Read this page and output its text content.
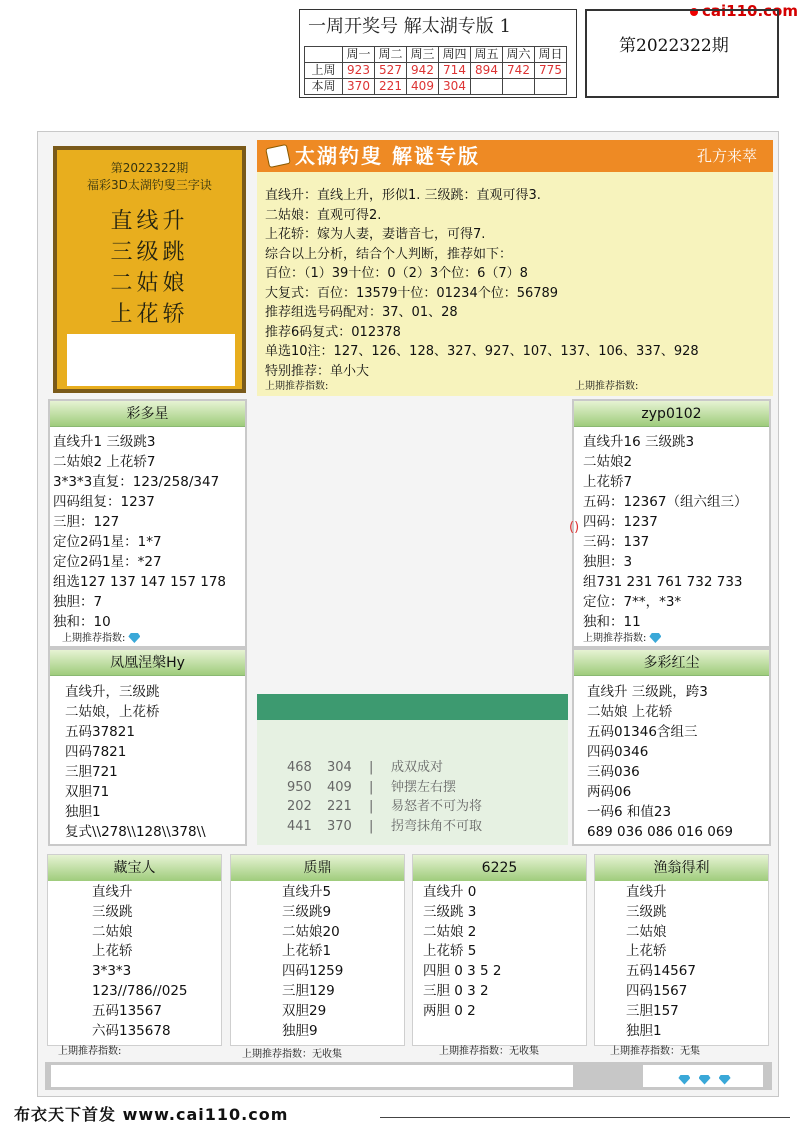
一周开奖号 解太湖专版 1
	周一	周二	周三	周四	周五	周六	周日
上周	923	527	942	714	894	742	775
本周	370	221	409	304			
cai110.com
第2022322期
第2022322期
福彩3D太湖钓叟三字诀
直线升
三级跳
二姑娘
上花轿
太湖钓叟 解谜专版	孔方来萃
直线升：直线上升，形似1. 三级跳：直观可得3.
二姑娘：直观可得2.
上花轿：嫁为人妻，妻谐音七，可得7.
综合以上分析，结合个人判断，推荐如下：
百位：（1）39十位：0（2）3个位：6（7）8
大复式：百位：13579十位：01234个位：56789
推荐组选号码配对：37、01、28
推荐6码复式：012378
单选10注：127、126、128、327、927、107、137、106、337、928
特别推荐：单小大
上期推荐指数:	上期推荐指数:
彩多星
直线升1 三级跳3
二姑娘2 上花轿7
3*3*3直复：123/258/347
四码组复：1237
三胆：127
定位2码1星：1*7
定位2码1星：*27
组选127 137 147 157 178
独胆：7
独和：10
上期推荐指数:
zyp0102
直线升16 三级跳3
二姑娘2
上花轿7
五码：12367（组六组三）
四码：1237
三码：137
独胆：3
组731 231 761 732 733
定位：7**，*3*
独和：11
上期推荐指数:
()
凤凰涅槃Hy
直线升，三级跳
二姑娘，上花桥
五码37821
四码7821
三胆721
双胆71
独胆1
复式\\278\\128\\378\\
多彩红尘
直线升 三级跳，跨3
二姑娘 上花轿
五码01346含组三
四码0346
三码036
两码06
一码6 和值23
689 036 086 016 069
468 304 | 成双成对
950 409 | 钟摆左右摆
202 221 | 易怒者不可为将
441 370 | 拐弯抹角不可取
藏宝人
直线升
三级跳
二姑娘
上花轿
3*3*3
123//786//025
五码13567
六码135678
上期推荐指数:
质鼎
直线升5
三级跳9
二姑娘20
上花轿1
四码1259
三胆129
双胆29
独胆9
上期推荐指数：无收集
6225
直线升 0
三级跳 3
二姑娘 2
上花轿 5
四胆 0 3 5 2
三胆 0 3 2
两胆 0 2
上期推荐指数：无收集
渔翁得利
直线升
三级跳
二姑娘
上花轿
五码14567
四码1567
三胆157
独胆1
上期推荐指数：无集

布衣天下首发 www.cai110.com
